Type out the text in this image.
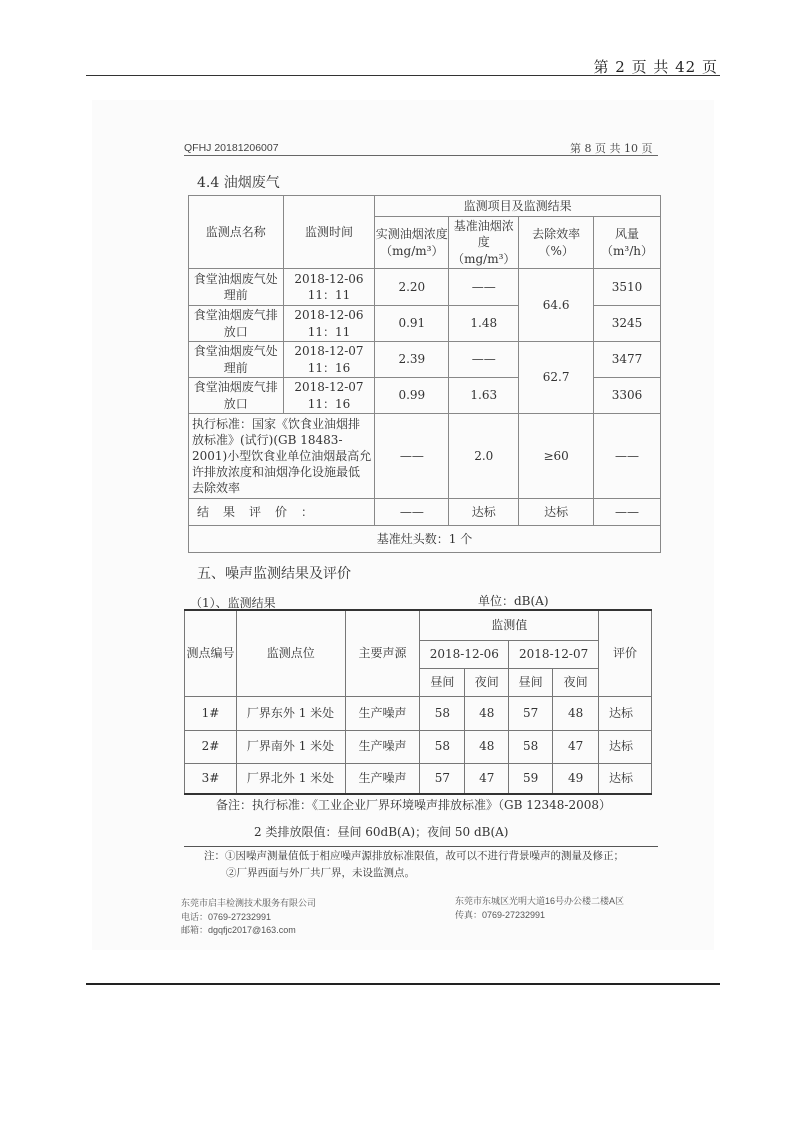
第 2 页 共 42 页
QFHJ 20181206007	第 8 页 共 10 页
4.4 油烟废气
监测点名称	监测时间	监测项目及监测结果			
		实测油烟浓度（mg/m³）	基准油烟浓度（mg/m³）	去除效率（%）	风量（m³/h）
食堂油烟废气处理前	2018-12-06 11：11	2.20	——	64.6	3510
食堂油烟废气排放口	2018-12-06 11：11	0.91	1.48		3245
食堂油烟废气处理前	2018-12-07 11：16	2.39	——	62.7	3477
食堂油烟废气排放口	2018-12-07 11：16	0.99	1.63		3306
执行标准：国家《饮食业油烟排放标准》(试行)(GB 18483-2001)小型饮食业单位油烟最高允许排放浓度和油烟净化设施最低去除效率		——	2.0	≥60	——
结果评价：		——	达标	达标	——
基准灶头数：1 个					
五、噪声监测结果及评价
（1）、监测结果	单位：dB(A)
测点编号	监测点位	主要声源	监测值				评价
			2018-12-06		2018-12-07		
			昼间	夜间	昼间	夜间	
1#	厂界东外 1 米处	生产噪声	58	48	57	48	达标
2#	厂界南外 1 米处	生产噪声	58	48	58	47	达标
3#	厂界北外 1 米处	生产噪声	57	47	59	49	达标
备注：执行标准：《工业企业厂界环境噪声排放标准》（GB 12348-2008）
2 类排放限值：昼间 60dB(A)；夜间 50 dB(A)
注：①因噪声测量值低于相应噪声源排放标准限值，故可以不进行背景噪声的测量及修正；
②厂界西面与外厂共厂界，未设监测点。
东莞市启丰检测技术服务有限公司
电话：0769-27232991
邮箱：dgqfjc2017@163.com
东莞市东城区光明大道16号办公楼二楼A区
传真：0769-27232991
